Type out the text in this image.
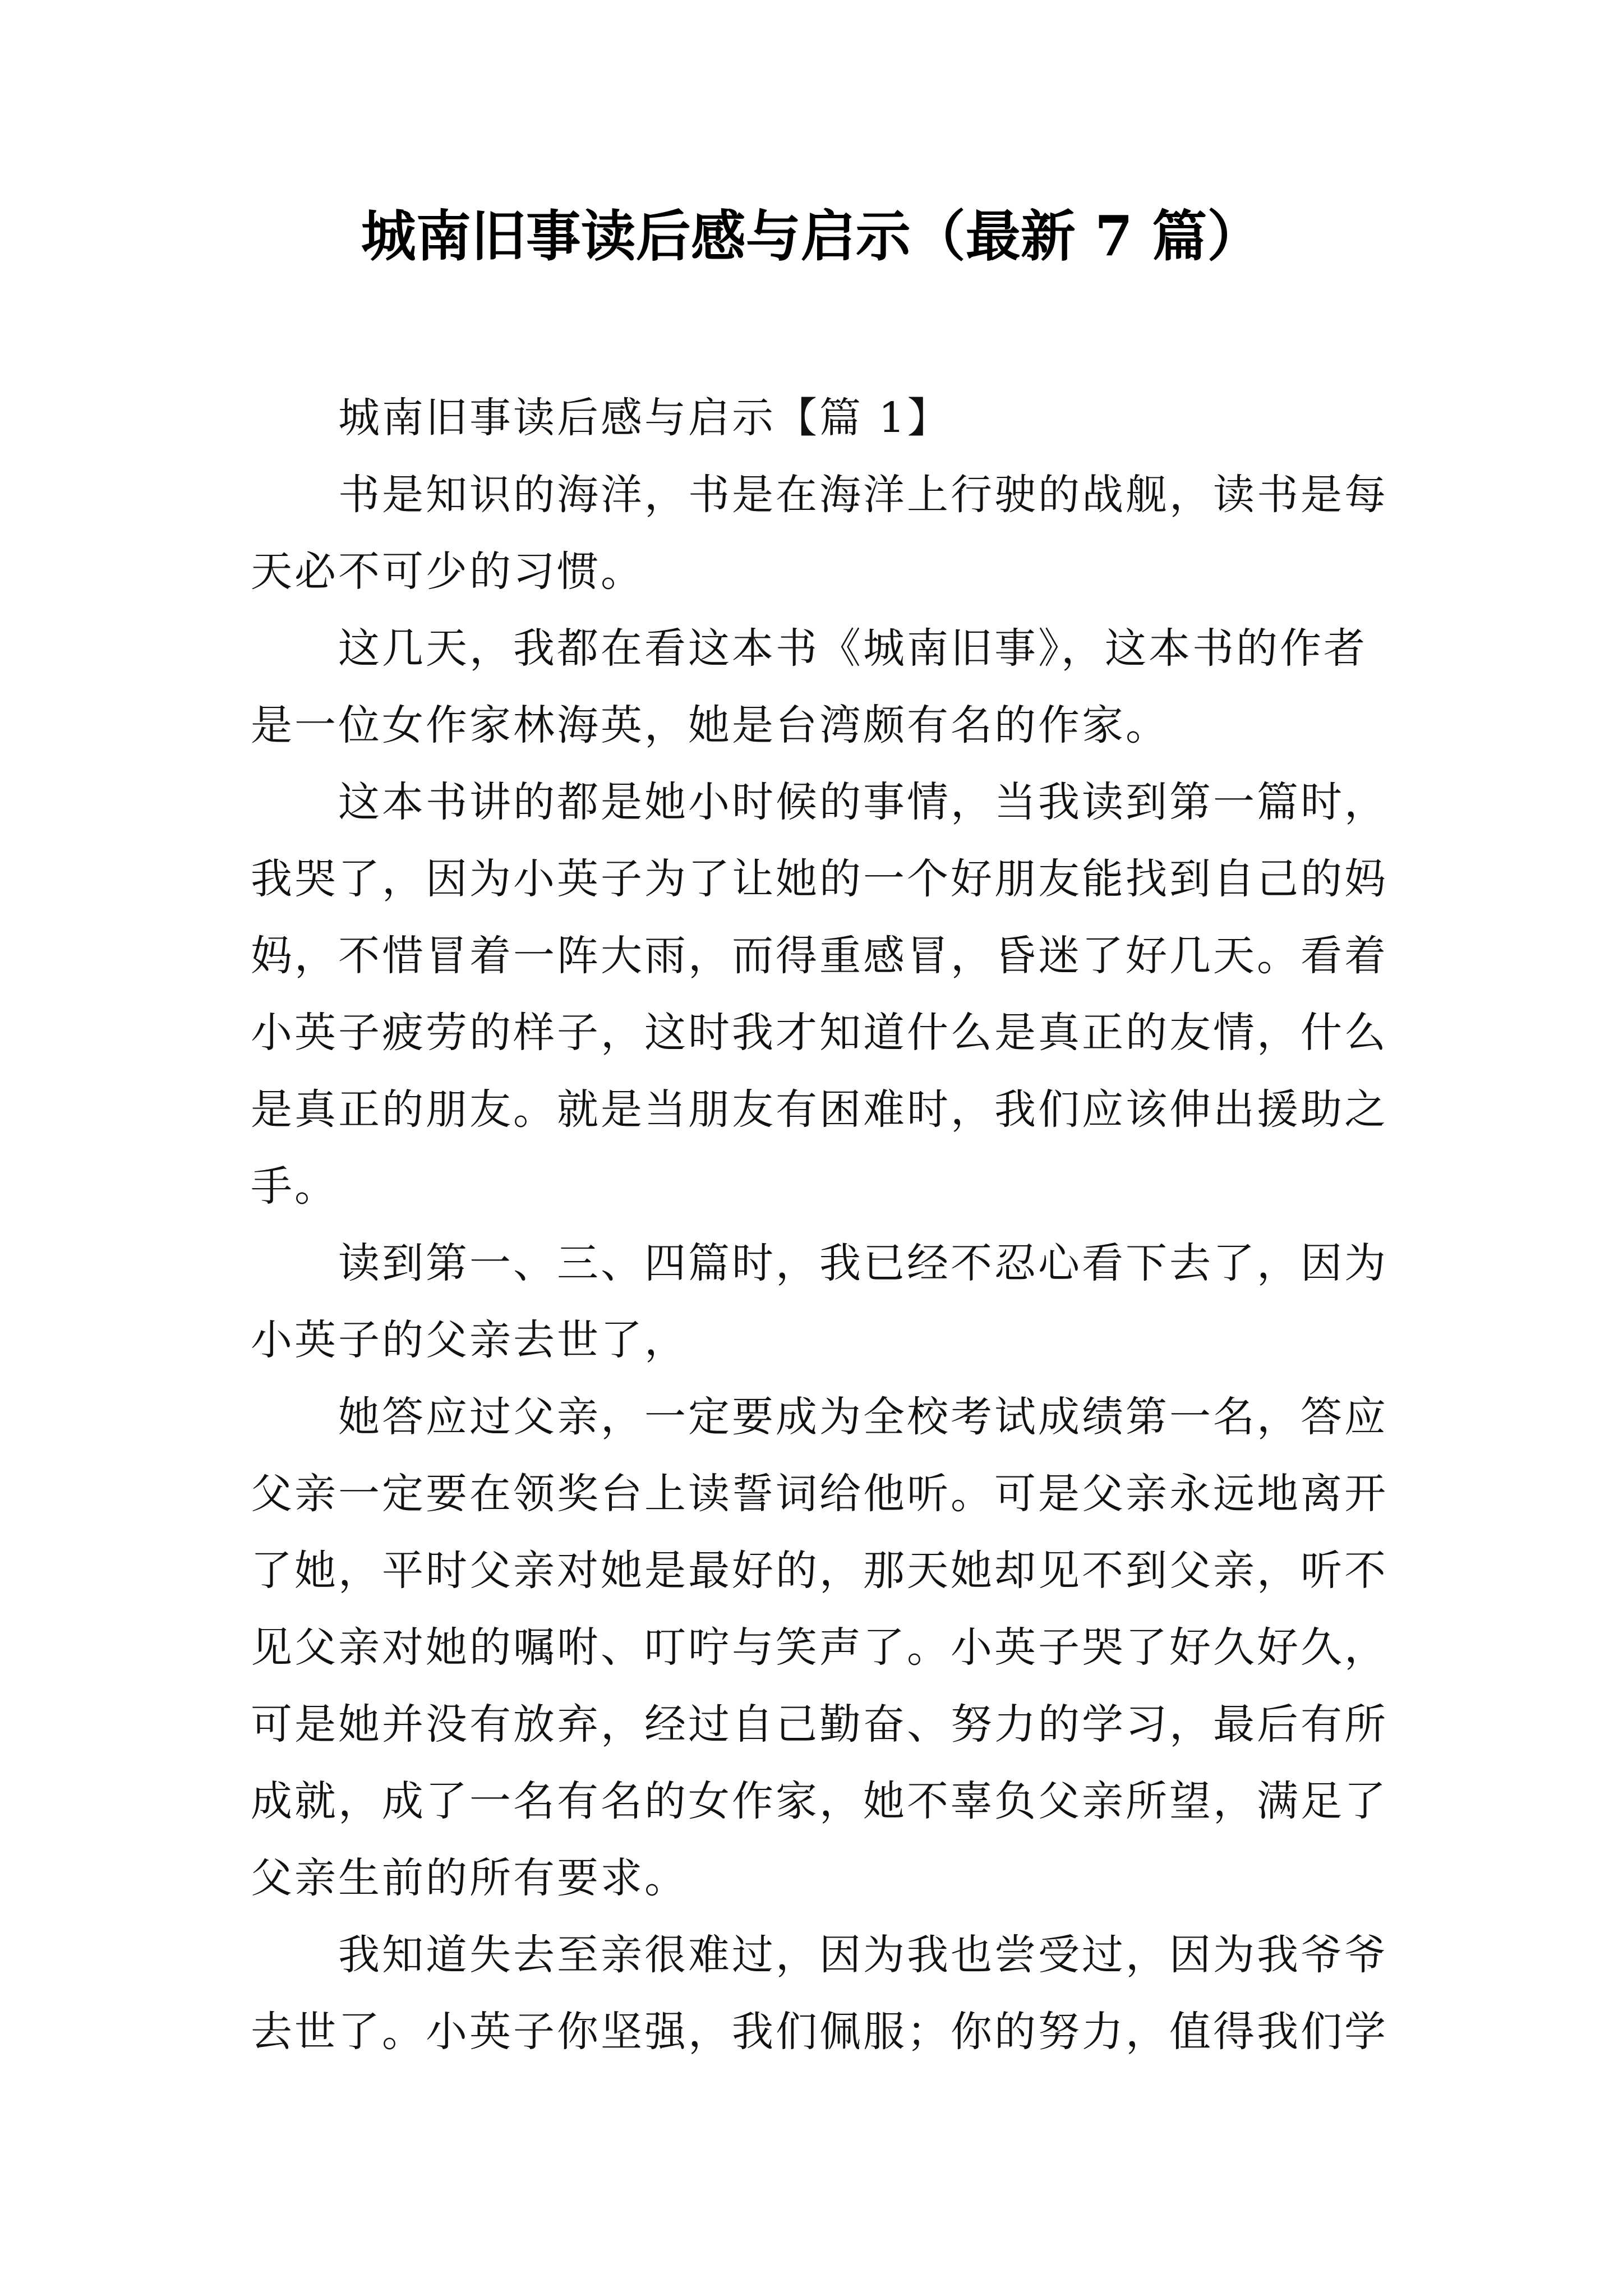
城南旧事读后感与启示（最新 7 篇）
城南旧事读后感与启示【篇 1】
书是知识的海洋，书是在海洋上行驶的战舰，读书是每
天必不可少的习惯。
这几天，我都在看这本书《城南旧事》，这本书的作者
是一位女作家林海英，她是台湾颇有名的作家。
这本书讲的都是她小时候的事情，当我读到第一篇时，
我哭了，因为小英子为了让她的一个好朋友能找到自己的妈
妈，不惜冒着一阵大雨，而得重感冒，昏迷了好几天。看着
小英子疲劳的样子，这时我才知道什么是真正的友情，什么
是真正的朋友。就是当朋友有困难时，我们应该伸出援助之
手。
读到第一、三、四篇时，我已经不忍心看下去了，因为
小英子的父亲去世了，
她答应过父亲，一定要成为全校考试成绩第一名，答应
父亲一定要在领奖台上读誓词给他听。可是父亲永远地离开
了她，平时父亲对她是最好的，那天她却见不到父亲，听不
见父亲对她的嘱咐、叮咛与笑声了。小英子哭了好久好久，
可是她并没有放弃，经过自己勤奋、努力的学习，最后有所
成就，成了一名有名的女作家，她不辜负父亲所望，满足了
父亲生前的所有要求。
我知道失去至亲很难过，因为我也尝受过，因为我爷爷
去世了。小英子你坚强，我们佩服；你的努力，值得我们学
